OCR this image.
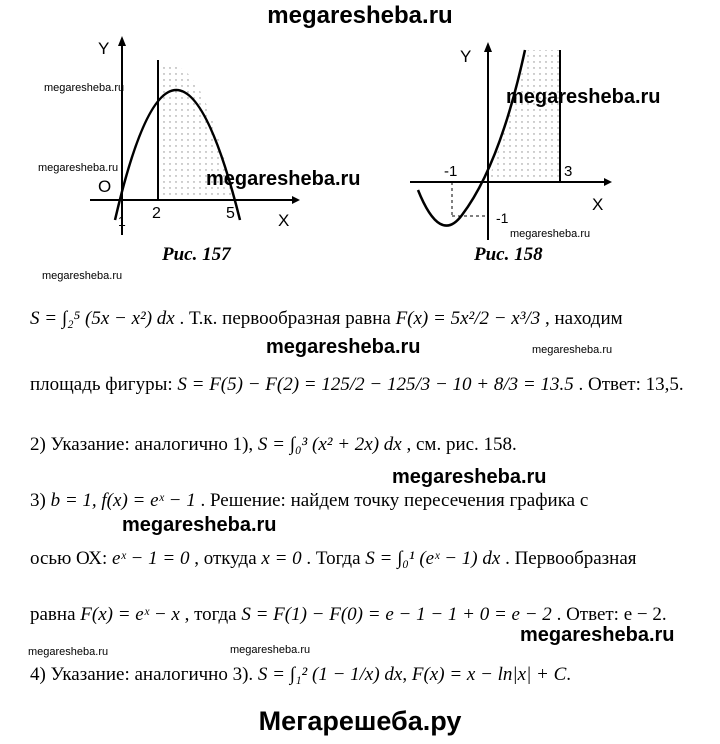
megaresheba.ru
Y
X
O
1 2	5
Рис. 157
Y
X
-1	3
-1
Рис. 158
S = ∫₂⁵ (5x − x²) dx . Т.к. первообразная равна F(x) = 5x²/2 − x³/3 , находим
площадь фигуры: S = F(5) − F(2) = 125/2 − 125/3 − 10 + 8/3 = 13.5 . Ответ: 13,5.
2) Указание: аналогично 1), S = ∫₀³ (x² + 2x) dx , см. рис. 158.
3) b = 1, f(x) = eˣ − 1 . Решение: найдем точку пересечения графика с
осью ОХ: eˣ − 1 = 0 , откуда x = 0 . Тогда S = ∫₀¹ (eˣ − 1) dx . Первообразная
равна F(x) = eˣ − x , тогда S = F(1) − F(0) = e − 1 − 1 + 0 = e − 2 . Ответ: e − 2.
4) Указание: аналогично 3). S = ∫₁² (1 − 1/x) dx, F(x) = x − ln|x| + C.
megaresheba.ru
megaresheba.ru	megaresheba.ru
megaresheba.ru
megaresheba.ru
megaresheba.ru
megaresheba.ru	megaresheba.ru
megaresheba.ru
megaresheba.ru
megaresheba.ru
megaresheba.ru	megaresheba.ru
Мегарешеба.ру
